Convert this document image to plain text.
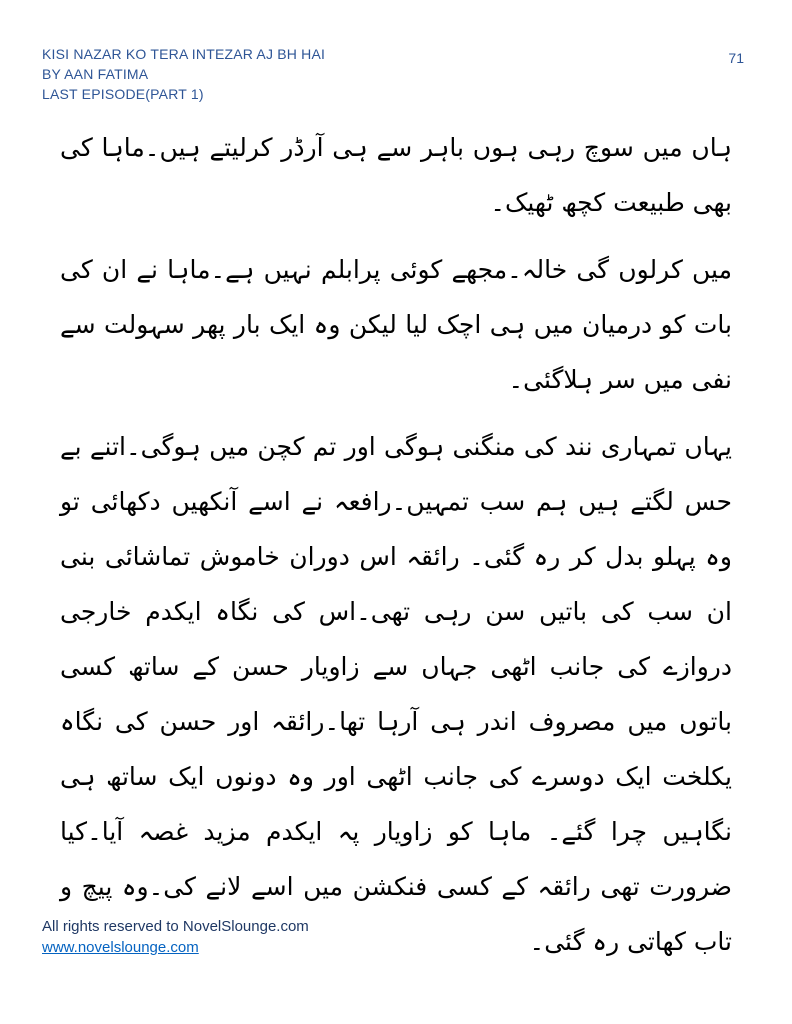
KISI NAZAR KO TERA INTEZAR AJ BH HAI
BY AAN FATIMA
LAST EPISODE(PART 1)
71

ہاں میں سوچ رہی ہوں باہر سے ہی آرڈر کرلیتے ہیں۔ماہا کی بھی طبیعت کچھ ٹھیک۔

میں کرلوں گی خالہ۔مجھے کوئی پرابلم نہیں ہے۔ماہا نے ان کی بات کو درمیان میں ہی اچک لیا لیکن وہ ایک بار پھر سہولت سے نفی میں سر ہلاگئی۔

یہاں تمہاری نند کی منگنی ہوگی اور تم کچن میں ہوگی۔اتنے بے حس لگتے ہیں ہم سب تمہیں۔رافعہ نے اسے آنکھیں دکھائی تو وہ پہلو بدل کر رہ گئی۔ رائقہ اس دوران خاموش تماشائی بنی ان سب کی باتیں سن رہی تھی۔اس کی نگاہ ایکدم خارجی دروازے کی جانب اٹھی جہاں سے زاویار حسن کے ساتھ کسی باتوں میں مصروف اندر ہی آرہا تھا۔رائقہ اور حسن کی نگاہ یکلخت ایک دوسرے کی جانب اٹھی اور وہ دونوں ایک ساتھ ہی نگاہیں چرا گئے۔ ماہا کو زاویار پہ ایکدم مزید غصہ آیا۔کیا ضرورت تھی رائقہ کے کسی فنکشن میں اسے لانے کی۔وہ پیچ و تاب کھاتی رہ گئی۔

All rights reserved to NovelSlounge.com
www.novelslounge.com
